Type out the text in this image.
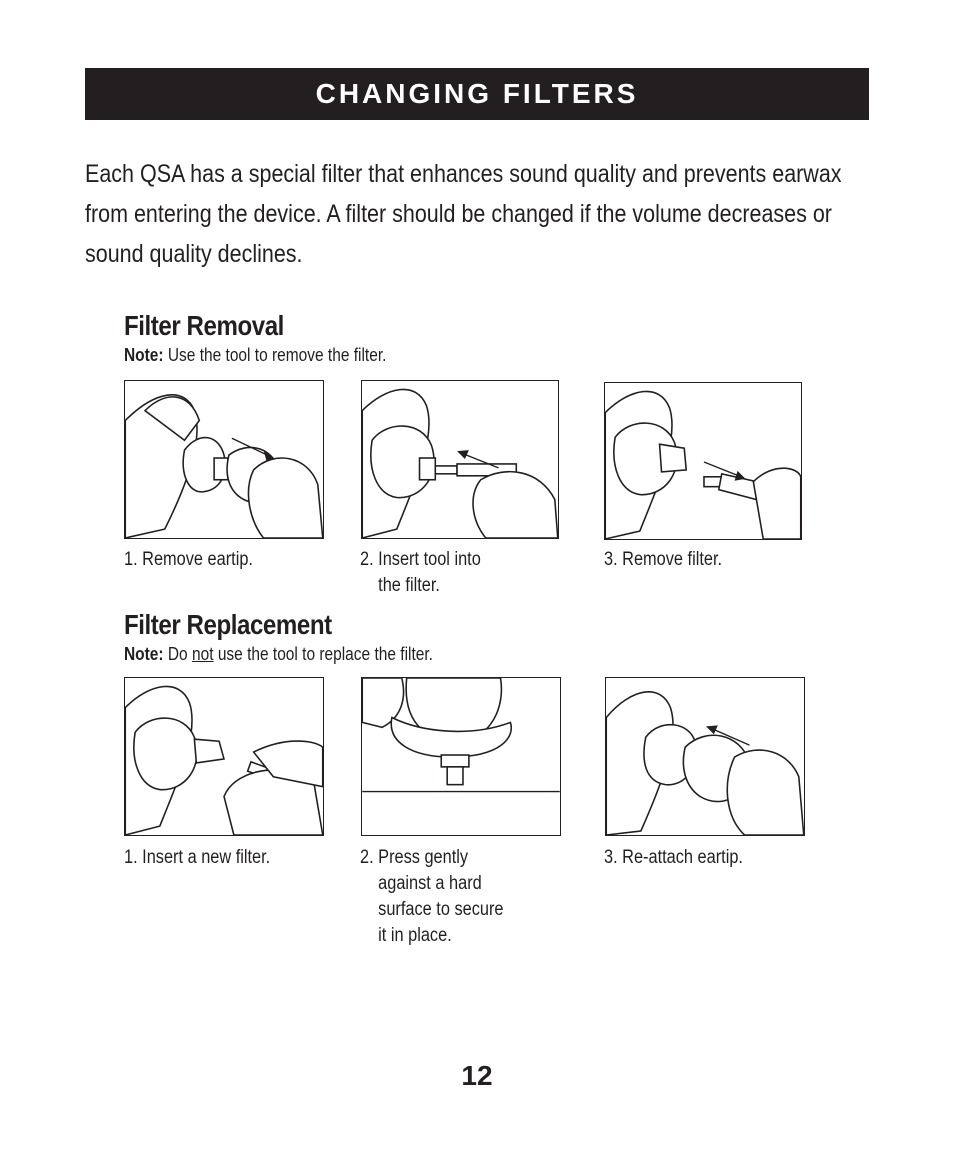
CHANGING FILTERS

Each QSA has a special filter that enhances sound quality and prevents earwax from entering the device. A filter should be changed if the volume decreases or sound quality declines.

Filter Removal

Note: Use the tool to remove the filter.

1. Remove eartip.	2. Insert tool into
the filter.
3. Remove filter.
Filter Replacement

Note: Do not use the tool to replace the filter.

1. Insert a new filter.	2. Press gently
against a hard
surface to secure
it in place.
3. Re-attach eartip.
12
